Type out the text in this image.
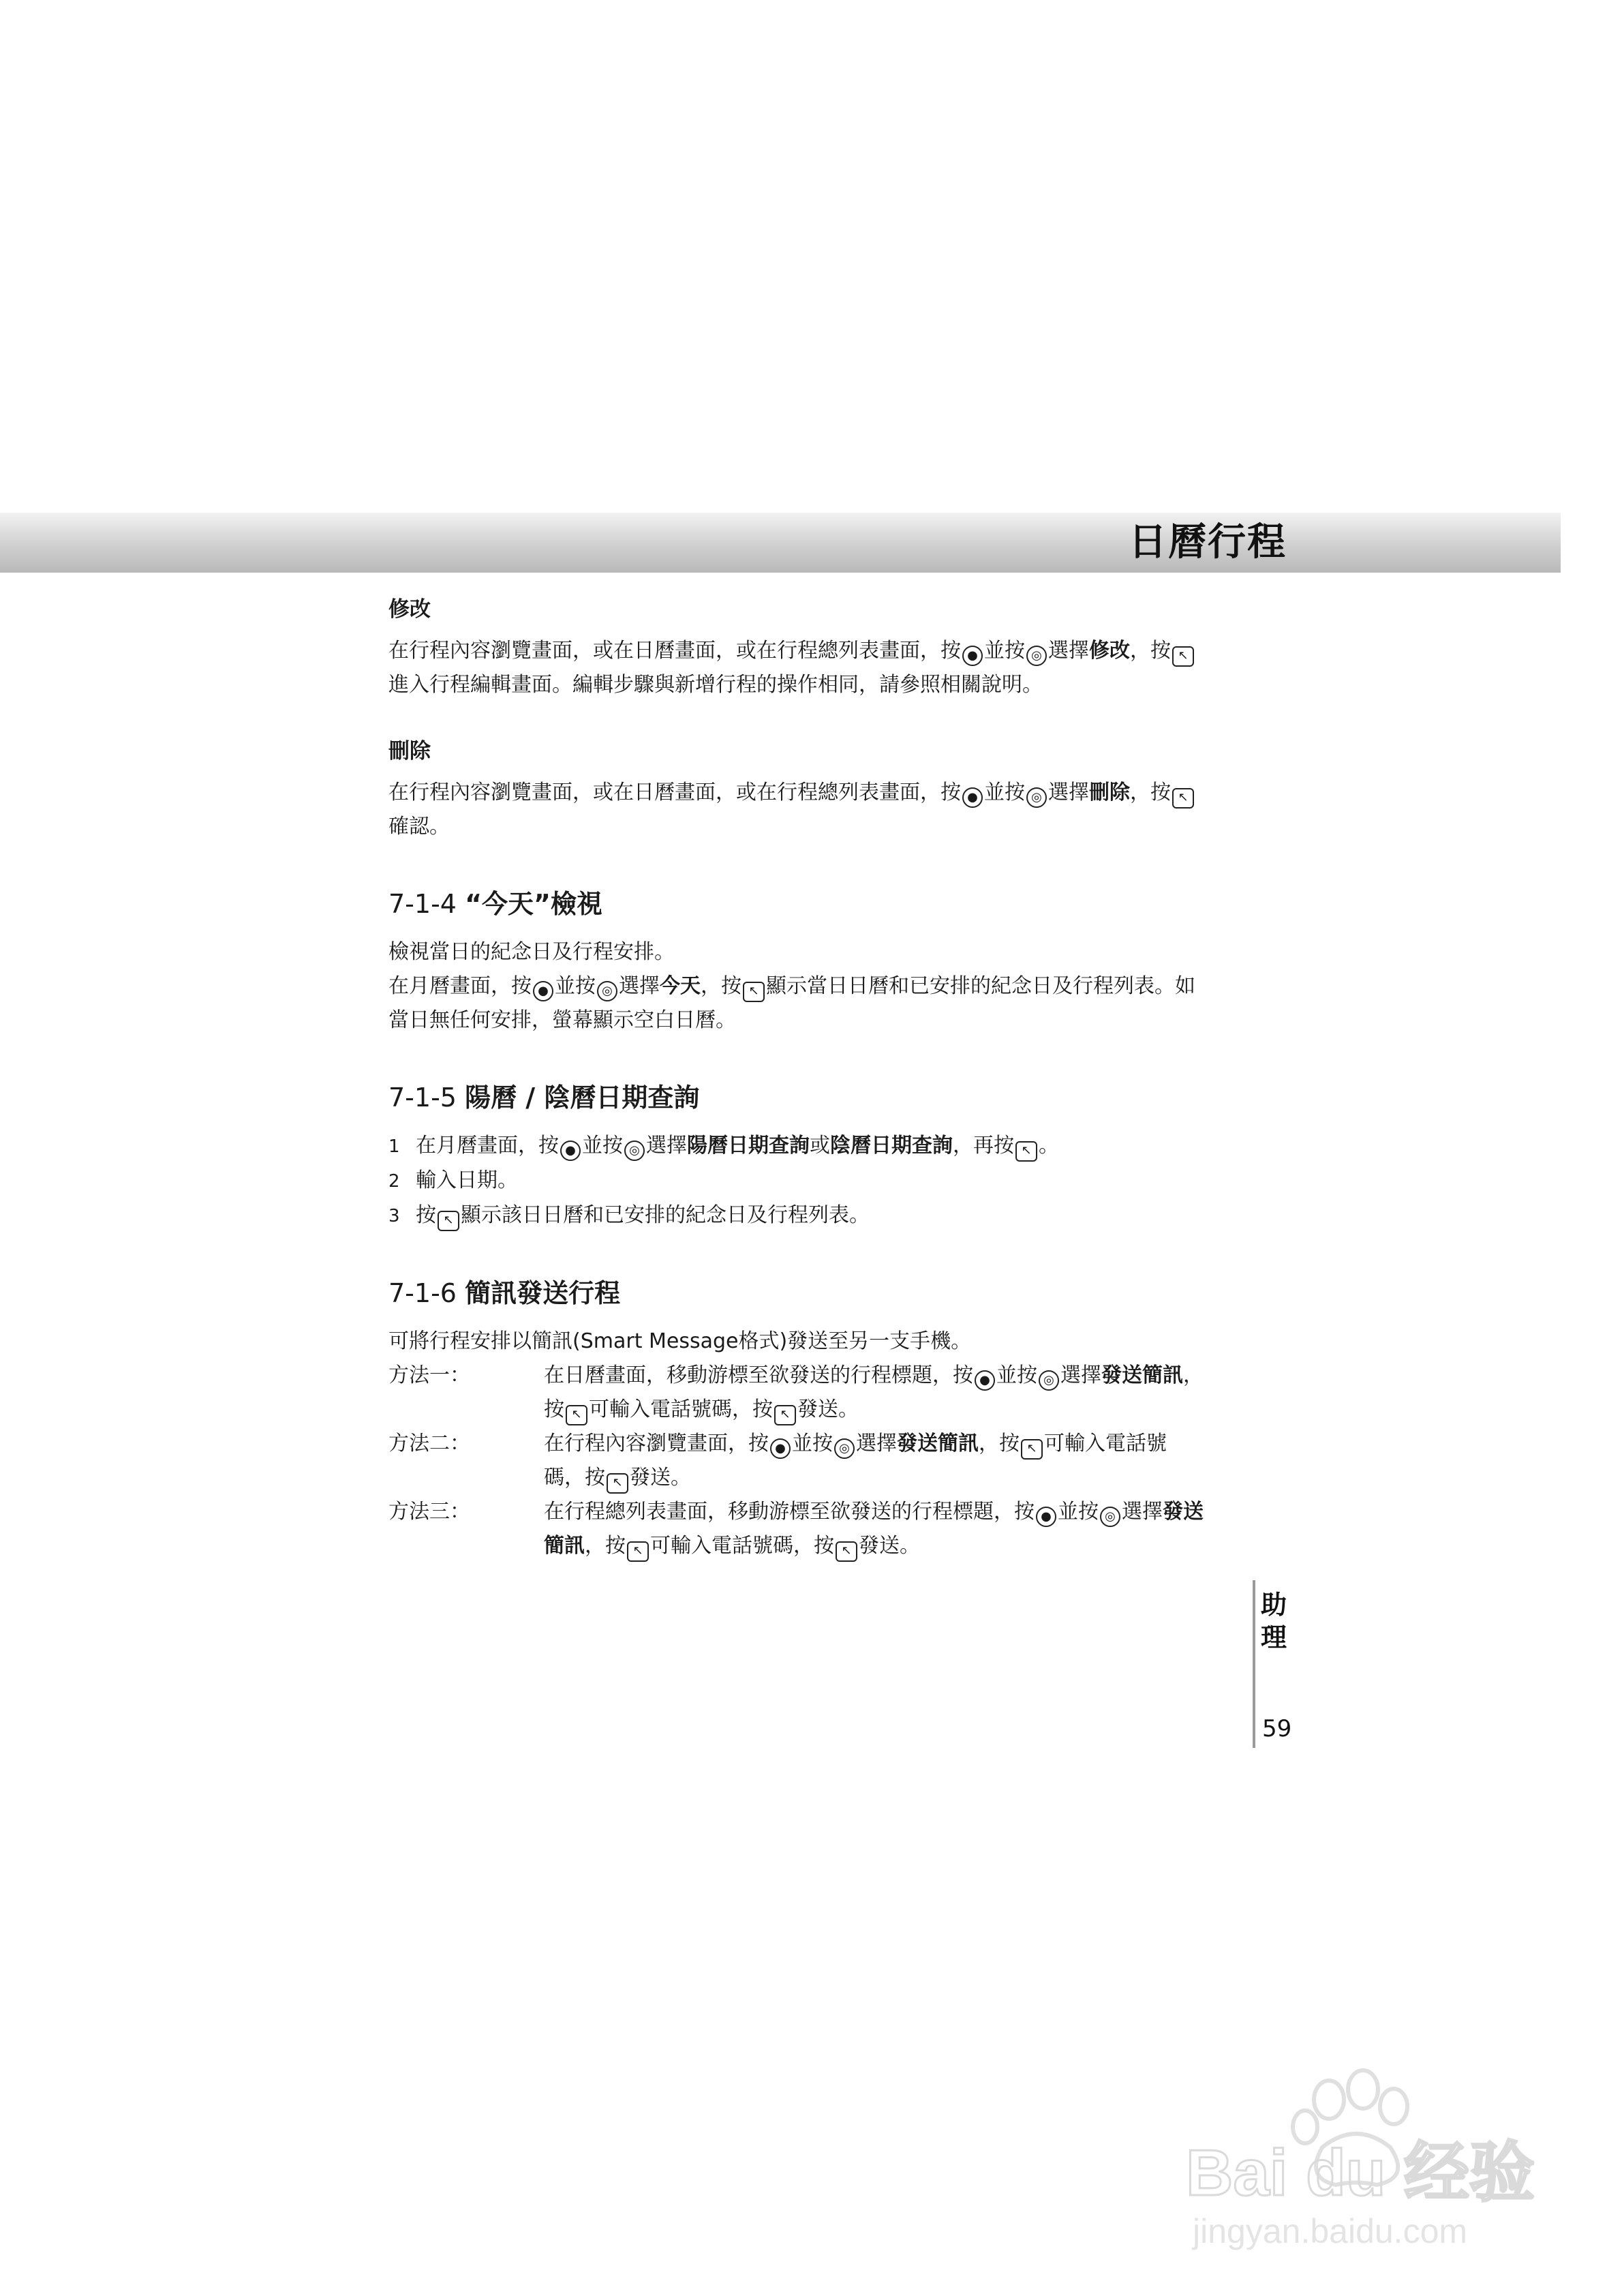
日曆行程
修改

在行程內容瀏覽畫面，或在日曆畫面，或在行程總列表畫面，按 ● 並按 ◎ 選擇修改，按 ↖

進入行程編輯畫面。編輯步驟與新增行程的操作相同，請參照相關說明。

刪除

在行程內容瀏覽畫面，或在日曆畫面，或在行程總列表畫面，按 ● 並按 ◎ 選擇刪除，按 ↖

確認。

7-1-4 “今天”檢視

檢視當日的紀念日及行程安排。

在月曆畫面，按 ● 並按 ◎ 選擇今天，按 ↖ 顯示當日日曆和已安排的紀念日及行程列表。如

當日無任何安排，螢幕顯示空白日曆。

7-1-5 陽曆 / 陰曆日期查詢
1 在月曆畫面，按 ● 並按 ◎ 選擇陽曆日期查詢或陰曆日期查詢，再按 ↖ 。
2 輸入日期。
3 按 ↖ 顯示該日日曆和已安排的紀念日及行程列表。
7-1-6 簡訊發送行程

可將行程安排以簡訊(Smart Message格式)發送至另一支手機。

方法一：	在日曆畫面，移動游標至欲發送的行程標題，按 ● 並按 ◎ 選擇發送簡訊，
按 ↖ 可輸入電話號碼，按 ↖ 發送。
方法二：	在行程內容瀏覽畫面，按 ● 並按 ◎ 選擇發送簡訊，按 ↖ 可輸入電話號
碼，按 ↖ 發送。
方法三：	在行程總列表畫面，移動游標至欲發送的行程標題，按 ● 並按 ◎ 選擇發送
簡訊，按 ↖ 可輸入電話號碼，按 ↖ 發送。
助
理
59
Bai du 经验
jingyan.baidu.com
